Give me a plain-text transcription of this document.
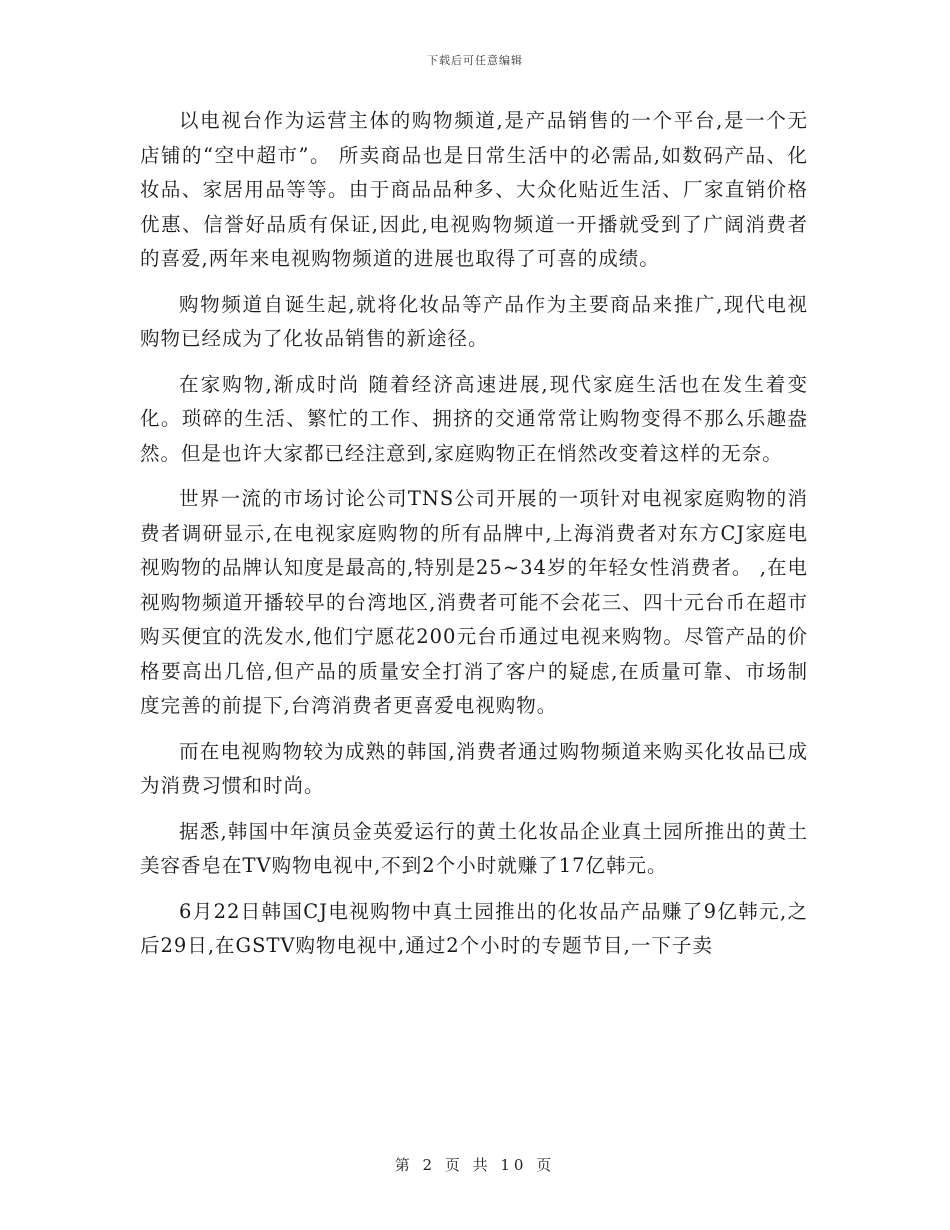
下载后可任意编辑

以电视台作为运营主体的购物频道,是产品销售的一个平台,是一个无店铺的“空中超市”。 所卖商品也是日常生活中的必需品,如数码产品、化妆品、家居用品等等。由于商品品种多、大众化贴近生活、厂家直销价格优惠、信誉好品质有保证,因此,电视购物频道一开播就受到了广阔消费者的喜爱,两年来电视购物频道的进展也取得了可喜的成绩。

购物频道自诞生起,就将化妆品等产品作为主要商品来推广,现代电视购物已经成为了化妆品销售的新途径。

在家购物,渐成时尚 随着经济高速进展,现代家庭生活也在发生着变化。琐碎的生活、繁忙的工作、拥挤的交通常常让购物变得不那么乐趣盎然。但是也许大家都已经注意到,家庭购物正在悄然改变着这样的无奈。

世界一流的市场讨论公司TNS公司开展的一项针对电视家庭购物的消费者调研显示,在电视家庭购物的所有品牌中,上海消费者对东方CJ家庭电视购物的品牌认知度是最高的,特别是25~34岁的年轻女性消费者。 ,在电视购物频道开播较早的台湾地区,消费者可能不会花三、四十元台币在超市购买便宜的洗发水,他们宁愿花200元台币通过电视来购物。尽管产品的价格要高出几倍,但产品的质量安全打消了客户的疑虑,在质量可靠、市场制度完善的前提下,台湾消费者更喜爱电视购物。

而在电视购物较为成熟的韩国,消费者通过购物频道来购买化妆品已成为消费习惯和时尚。

据悉,韩国中年演员金英爱运行的黄土化妆品企业真土园所推出的黄土美容香皂在TV购物电视中,不到2个小时就赚了17亿韩元。

6月22日韩国CJ电视购物中真土园推出的化妆品产品赚了9亿韩元,之后29日,在GSTV购物电视中,通过2个小时的专题节目,一下子卖

第 2 页 共 10 页
